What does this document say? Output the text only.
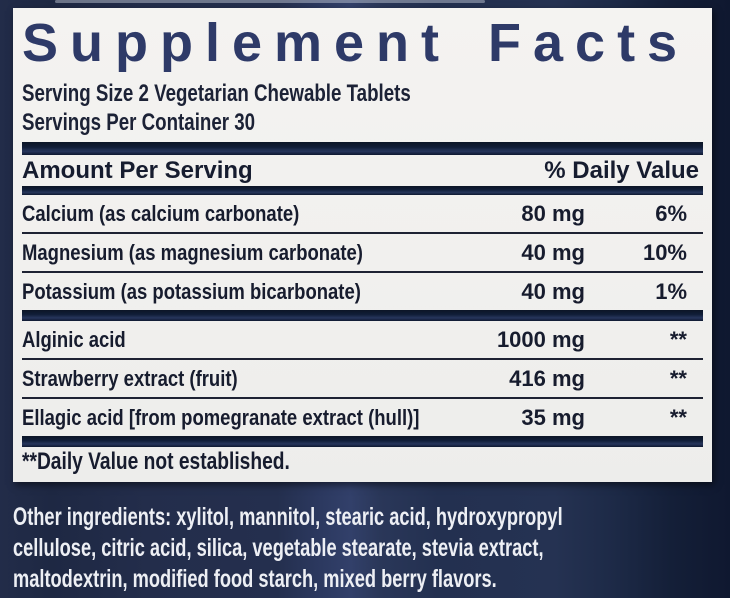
Supplement Facts
Serving Size 2 Vegetarian Chewable Tablets
Servings Per Container 30
Amount Per Serving	% Daily Value
Calcium (as calcium carbonate)	80 mg	6%
Magnesium (as magnesium carbonate)	40 mg	10%
Potassium (as potassium bicarbonate)	40 mg	1%
Alginic acid	1000 mg	**
Strawberry extract (fruit)	416 mg	**
Ellagic acid [from pomegranate extract (hull)]	35 mg	**
**Daily Value not established.
Other ingredients: xylitol, mannitol, stearic acid, hydroxypropyl
cellulose, citric acid, silica, vegetable stearate, stevia extract,
maltodextrin, modified food starch, mixed berry flavors.
